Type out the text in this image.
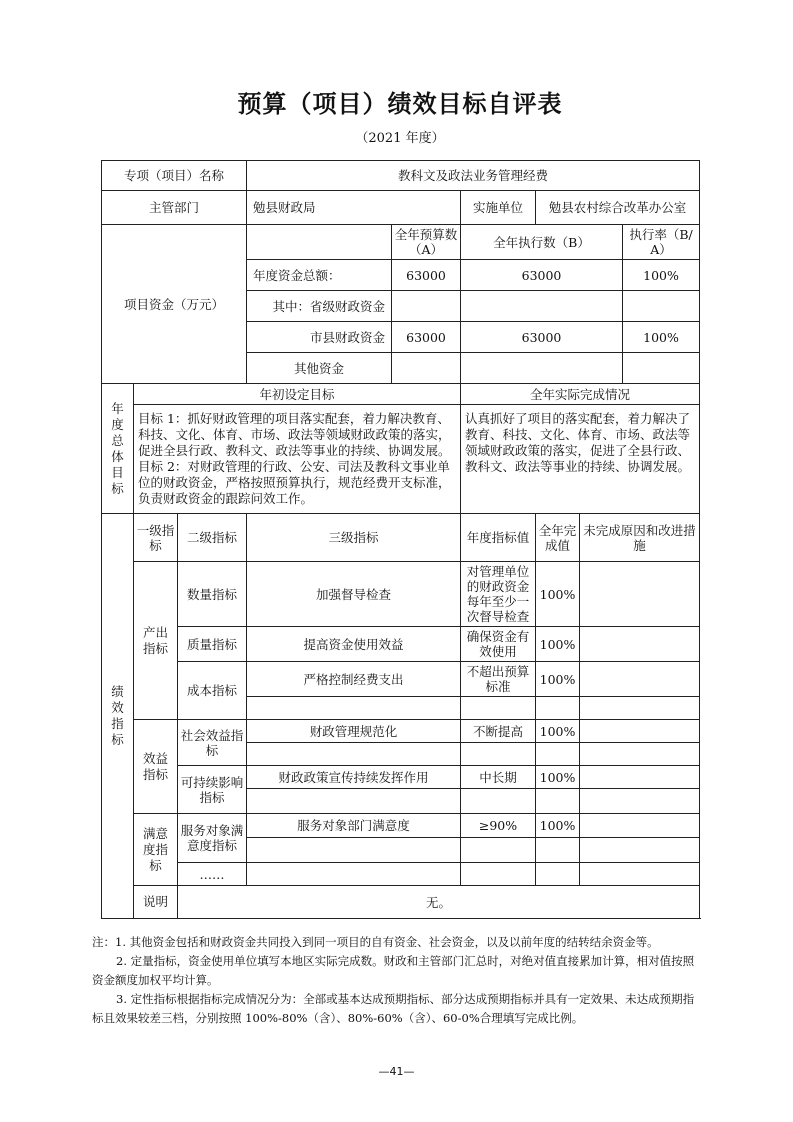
预算（项目）绩效目标自评表
（2021 年度）
专项（项目）名称			教科文及政法业务管理经费					
主管部门			勉县财政局		实施单位	勉县农村综合改革办公室		
项目资金（万元）				全年预算数（A）	全年执行数（B）			执行率（B/A）
			年度资金总额：	63000	63000			100%
			其中：省级财政资金					
			市县财政资金	63000	63000			100%
			其他资金					
年度总体目标	年初设定目标				全年实际完成情况			
	目标 1：抓好财政管理的项目落实配套，着力解决教育、科技、文化、体育、市场、政法等领域财政政策的落实，促进全县行政、教科文、政法等事业的持续、协调发展。目标 2：对财政管理的行政、公安、司法及教科文事业单位的财政资金，严格按照预算执行，规范经费开支标准，负责财政资金的跟踪问效工作。				认真抓好了项目的落实配套，着力解决了教育、科技、文化、体育、市场、政法等领域财政政策的落实，促进了全县行政、教科文、政法等事业的持续、协调发展。			
绩效指标	一级指标	二级指标	三级指标		年度指标值	全年完成值	未完成原因和改进措施	
	产出指标	数量指标	加强督导检查		对管理单位的财政资金每年至少一次督导检查	100%		
		质量指标	提高资金使用效益		确保资金有效使用	100%		
		成本指标	严格控制经费支出		不超出预算标准	100%		

	效益指标	社会效益指标	财政管理规范化		不断提高	100%		

		可持续影响指标	财政政策宣传持续发挥作用		中长期	100%		

	满意度指标	服务对象满意度指标	服务对象部门满意度		≥90%	100%		

		……						
	说明	无。						

注：1. 其他资金包括和财政资金共同投入到同一项目的自有资金、社会资金，以及以前年度的结转结余资金等。

2. 定量指标，资金使用单位填写本地区实际完成数。财政和主管部门汇总时，对绝对值直接累加计算，相对值按照资金额度加权平均计算。

3. 定性指标根据指标完成情况分为：全部或基本达成预期指标、部分达成预期指标并具有一定效果、未达成预期指标且效果较差三档，分别按照 100%-80%（含）、80%-60%（含）、60-0%合理填写完成比例。

—41—
